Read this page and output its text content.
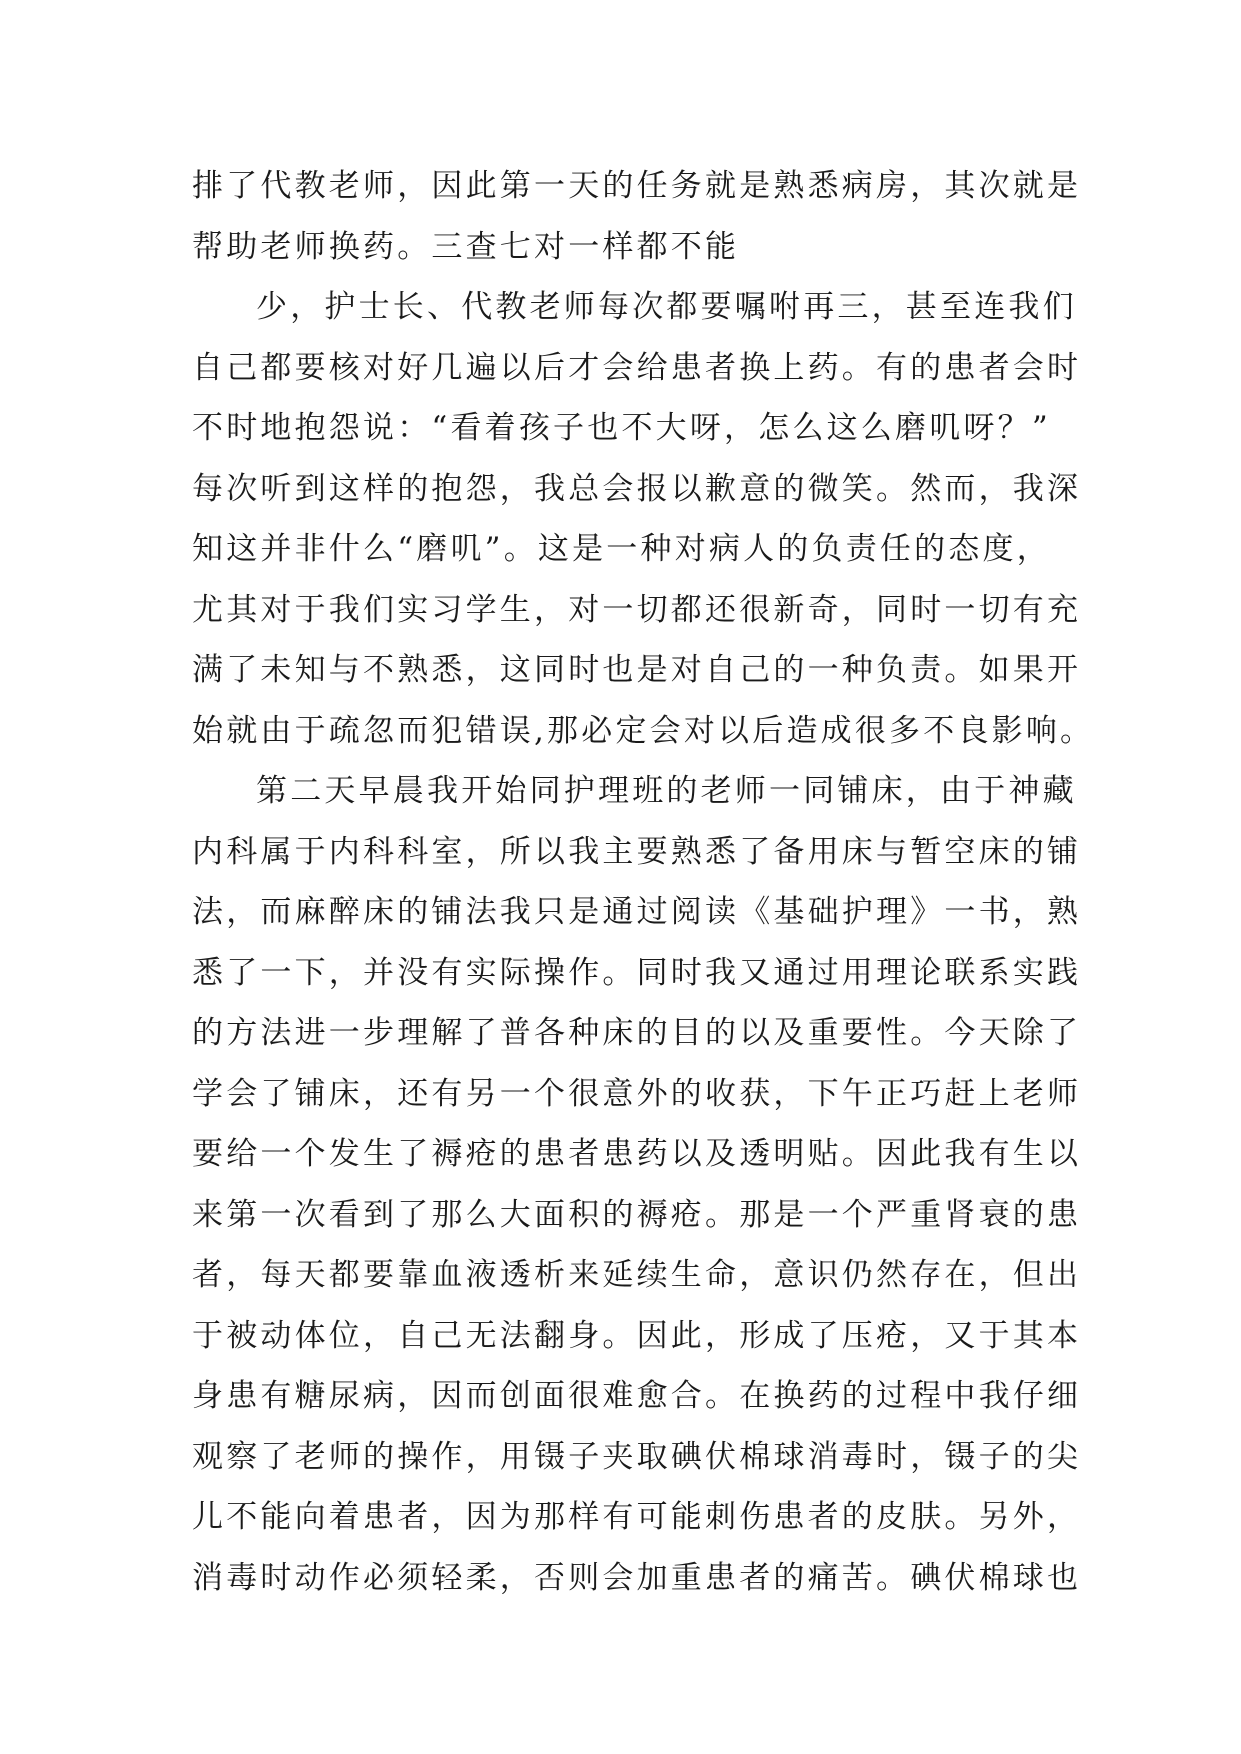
排了代教老师，因此第一天的任务就是熟悉病房，其次就是
帮助老师换药。三查七对一样都不能
少，护士长、代教老师每次都要嘱咐再三，甚至连我们
自己都要核对好几遍以后才会给患者换上药。有的患者会时
不时地抱怨说：“看着孩子也不大呀，怎么这么磨叽呀？”
每次听到这样的抱怨，我总会报以歉意的微笑。然而，我深
知这并非什么“磨叽”。这是一种对病人的负责任的态度，
尤其对于我们实习学生，对一切都还很新奇，同时一切有充
满了未知与不熟悉，这同时也是对自己的一种负责。如果开
始就由于疏忽而犯错误,那必定会对以后造成很多不良影响。
第二天早晨我开始同护理班的老师一同铺床，由于神藏
内科属于内科科室，所以我主要熟悉了备用床与暂空床的铺
法，而麻醉床的铺法我只是通过阅读《基础护理》一书，熟
悉了一下，并没有实际操作。同时我又通过用理论联系实践
的方法进一步理解了普各种床的目的以及重要性。今天除了
学会了铺床，还有另一个很意外的收获，下午正巧赶上老师
要给一个发生了褥疮的患者患药以及透明贴。因此我有生以
来第一次看到了那么大面积的褥疮。那是一个严重肾衰的患
者，每天都要靠血液透析来延续生命，意识仍然存在，但出
于被动体位，自己无法翻身。因此，形成了压疮，又于其本
身患有糖尿病，因而创面很难愈合。在换药的过程中我仔细
观察了老师的操作，用镊子夹取碘伏棉球消毒时，镊子的尖
儿不能向着患者，因为那样有可能刺伤患者的皮肤。另外，
消毒时动作必须轻柔，否则会加重患者的痛苦。碘伏棉球也
